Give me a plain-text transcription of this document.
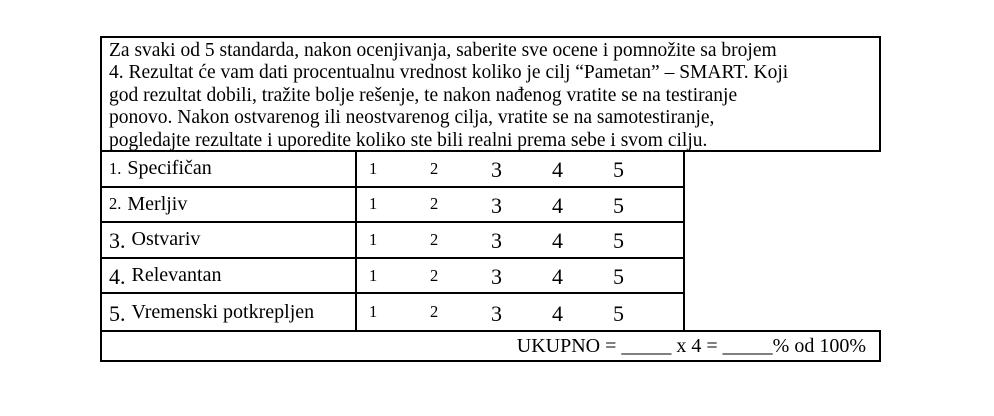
Za svaki od 5 standarda, nakon ocenjivanja, saberite sve ocene i pomnožite sa brojem
4. Rezultat će vam dati procentualnu vrednost koliko je cilj “Pametan” – SMART. Koji
god rezultat dobili, tražite bolje rešenje, te nakon nađenog vratite se na testiranje
ponovo. Nakon ostvarenog ili neostvarenog cilja, vratite se na samotestiranje,
pogledajte rezultate i uporedite koliko ste bili realni prema sebe i svom cilju.
1. Specifičan	1	2	3	4	5
2. Merljiv	1	2	3	4	5
3. Ostvariv	1	2	3	4	5
4. Relevantan	1	2	3	4	5
5. Vremenski potkrepljen	1	2	3	4	5
UKUPNO = _____ x 4 = _____% od 100%
